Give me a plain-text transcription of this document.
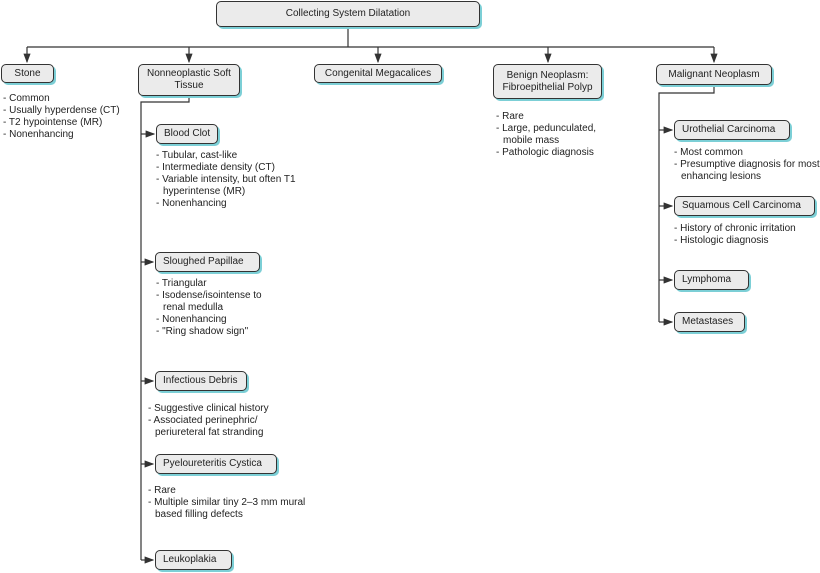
Collecting System Dilatation
Stone
- Common
- Usually hyperdense (CT)
- T2 hypointense (MR)
- Nonenhancing
Nonneoplastic Soft Tissue
Blood Clot
- Tubular, cast-like
- Intermediate density (CT)
- Variable intensity, but often T1 hyperintense (MR)
- Nonenhancing
Sloughed Papillae
- Triangular
- Isodense/isointense to renal medulla
- Nonenhancing
- "Ring shadow sign"
Infectious Debris
- Suggestive clinical history
- Associated perinephric/ periureteral fat stranding
Pyeloureteritis Cystica
- Rare
- Multiple similar tiny 2–3 mm mural based filling defects
Leukoplakia
Congenital Megacalices	Benign Neoplasm: Fibroepithelial Polyp
- Rare
- Large, pedunculated, mobile mass
- Pathologic diagnosis
Malignant Neoplasm
Urothelial Carcinoma
- Most common
- Presumptive diagnosis for most enhancing lesions
Squamous Cell Carcinoma
- History of chronic irritation
- Histologic diagnosis
Lymphoma
Metastases
